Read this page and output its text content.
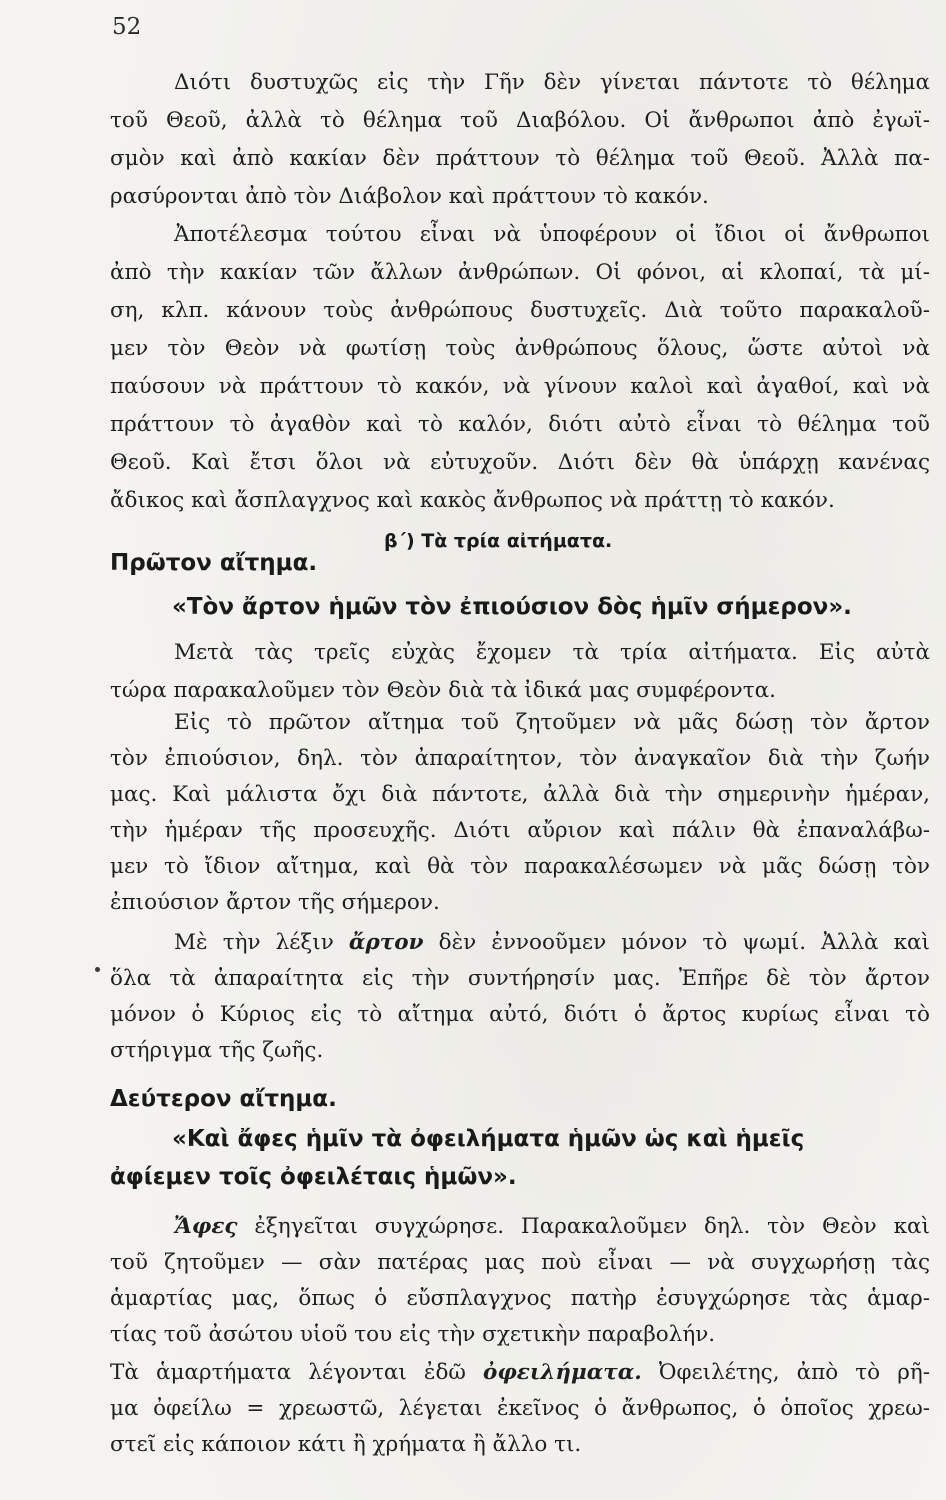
52
Διότι δυστυχῶς εἰς τὴν Γῆν δὲν γίνεται πάντοτε τὸ θέλημα
τοῦ Θεοῦ, ἀλλὰ τὸ θέλημα τοῦ Διαβόλου. Οἱ ἄνθρωποι ἀπὸ ἐγωϊ-
σμὸν καὶ ἀπὸ κακίαν δὲν πράττουν τὸ θέλημα τοῦ Θεοῦ. Ἀλλὰ πα-
ρασύρονται ἀπὸ τὸν Διάβολον καὶ πράττουν τὸ κακόν.
Ἀποτέλεσμα τούτου εἶναι νὰ ὑποφέρουν οἱ ἴδιοι οἱ ἄνθρωποι
ἀπὸ τὴν κακίαν τῶν ἄλλων ἀνθρώπων. Οἱ φόνοι, αἱ κλοπαί, τὰ μί-
ση, κλπ. κάνουν τοὺς ἀνθρώπους δυστυχεῖς. Διὰ τοῦτο παρακαλοῦ-
μεν τὸν Θεὸν νὰ φωτίσῃ τοὺς ἀνθρώπους ὅλους, ὥστε αὐτοὶ νὰ
παύσουν νὰ πράττουν τὸ κακόν, νὰ γίνουν καλοὶ καὶ ἀγαθοί, καὶ νὰ
πράττουν τὸ ἀγαθὸν καὶ τὸ καλόν, διότι αὐτὸ εἶναι τὸ θέλημα τοῦ
Θεοῦ. Καὶ ἔτσι ὅλοι νὰ εὐτυχοῦν. Διότι δὲν θὰ ὑπάρχῃ κανένας
ἄδικος καὶ ἄσπλαγχνος καὶ κακὸς ἄνθρωπος νὰ πράττῃ τὸ κακόν.
β΄) Τὰ τρία αἰτήματα.
Πρῶτον αἴτημα.
«Τὸν ἄρτον ἡμῶν τὸν ἐπιούσιον δὸς ἡμῖν σήμερον».
Μετὰ τὰς τρεῖς εὐχὰς ἔχομεν τὰ τρία αἰτήματα. Εἰς αὐτὰ
τώρα παρακαλοῦμεν τὸν Θεὸν διὰ τὰ ἰδικά μας συμφέροντα.
Εἰς τὸ πρῶτον αἴτημα τοῦ ζητοῦμεν νὰ μᾶς δώσῃ τὸν ἄρτον
τὸν ἐπιούσιον, δηλ. τὸν ἀπαραίτητον, τὸν ἀναγκαῖον διὰ τὴν ζωήν
μας. Καὶ μάλιστα ὄχι διὰ πάντοτε, ἀλλὰ διὰ τὴν σημερινὴν ἡμέραν,
τὴν ἡμέραν τῆς προσευχῆς. Διότι αὔριον καὶ πάλιν θὰ ἐπαναλάβω-
μεν τὸ ἴδιον αἴτημα, καὶ θὰ τὸν παρακαλέσωμεν νὰ μᾶς δώσῃ τὸν
ἐπιούσιον ἄρτον τῆς σήμερον.
Μὲ τὴν λέξιν ἄρτον δὲν ἐννοοῦμεν μόνον τὸ ψωμί. Ἀλλὰ καὶ
ὅλα τὰ ἀπαραίτητα εἰς τὴν συντήρησίν μας. Ἐπῆρε δὲ τὸν ἄρτον
μόνον ὁ Κύριος εἰς τὸ αἴτημα αὐτό, διότι ὁ ἄρτος κυρίως εἶναι τὸ
στήριγμα τῆς ζωῆς.
Δεύτερον αἴτημα.
«Καὶ ἄφες ἡμῖν τὰ ὀφειλήματα ἡμῶν ὡς καὶ ἡμεῖς
ἀφίεμεν τοῖς ὀφειλέταις ἡμῶν».
Ἄφες ἐξηγεῖται συγχώρησε. Παρακαλοῦμεν δηλ. τὸν Θεὸν καὶ
τοῦ ζητοῦμεν — σὰν πατέρας μας ποὺ εἶναι — νὰ συγχωρήσῃ τὰς
ἁμαρτίας μας, ὅπως ὁ εὔσπλαγχνος πατὴρ ἐσυγχώρησε τὰς ἁμαρ-
τίας τοῦ ἀσώτου υἱοῦ του εἰς τὴν σχετικὴν παραβολήν.
Τὰ ἁμαρτήματα λέγονται ἐδῶ ὀφειλήματα. Ὀφειλέτης, ἀπὸ τὸ ρῆ-
μα ὀφείλω = χρεωστῶ, λέγεται ἐκεῖνος ὁ ἄνθρωπος, ὁ ὁποῖος χρεω-
στεῖ εἰς κάποιον κάτι ἢ χρήματα ἢ ἄλλο τι.
